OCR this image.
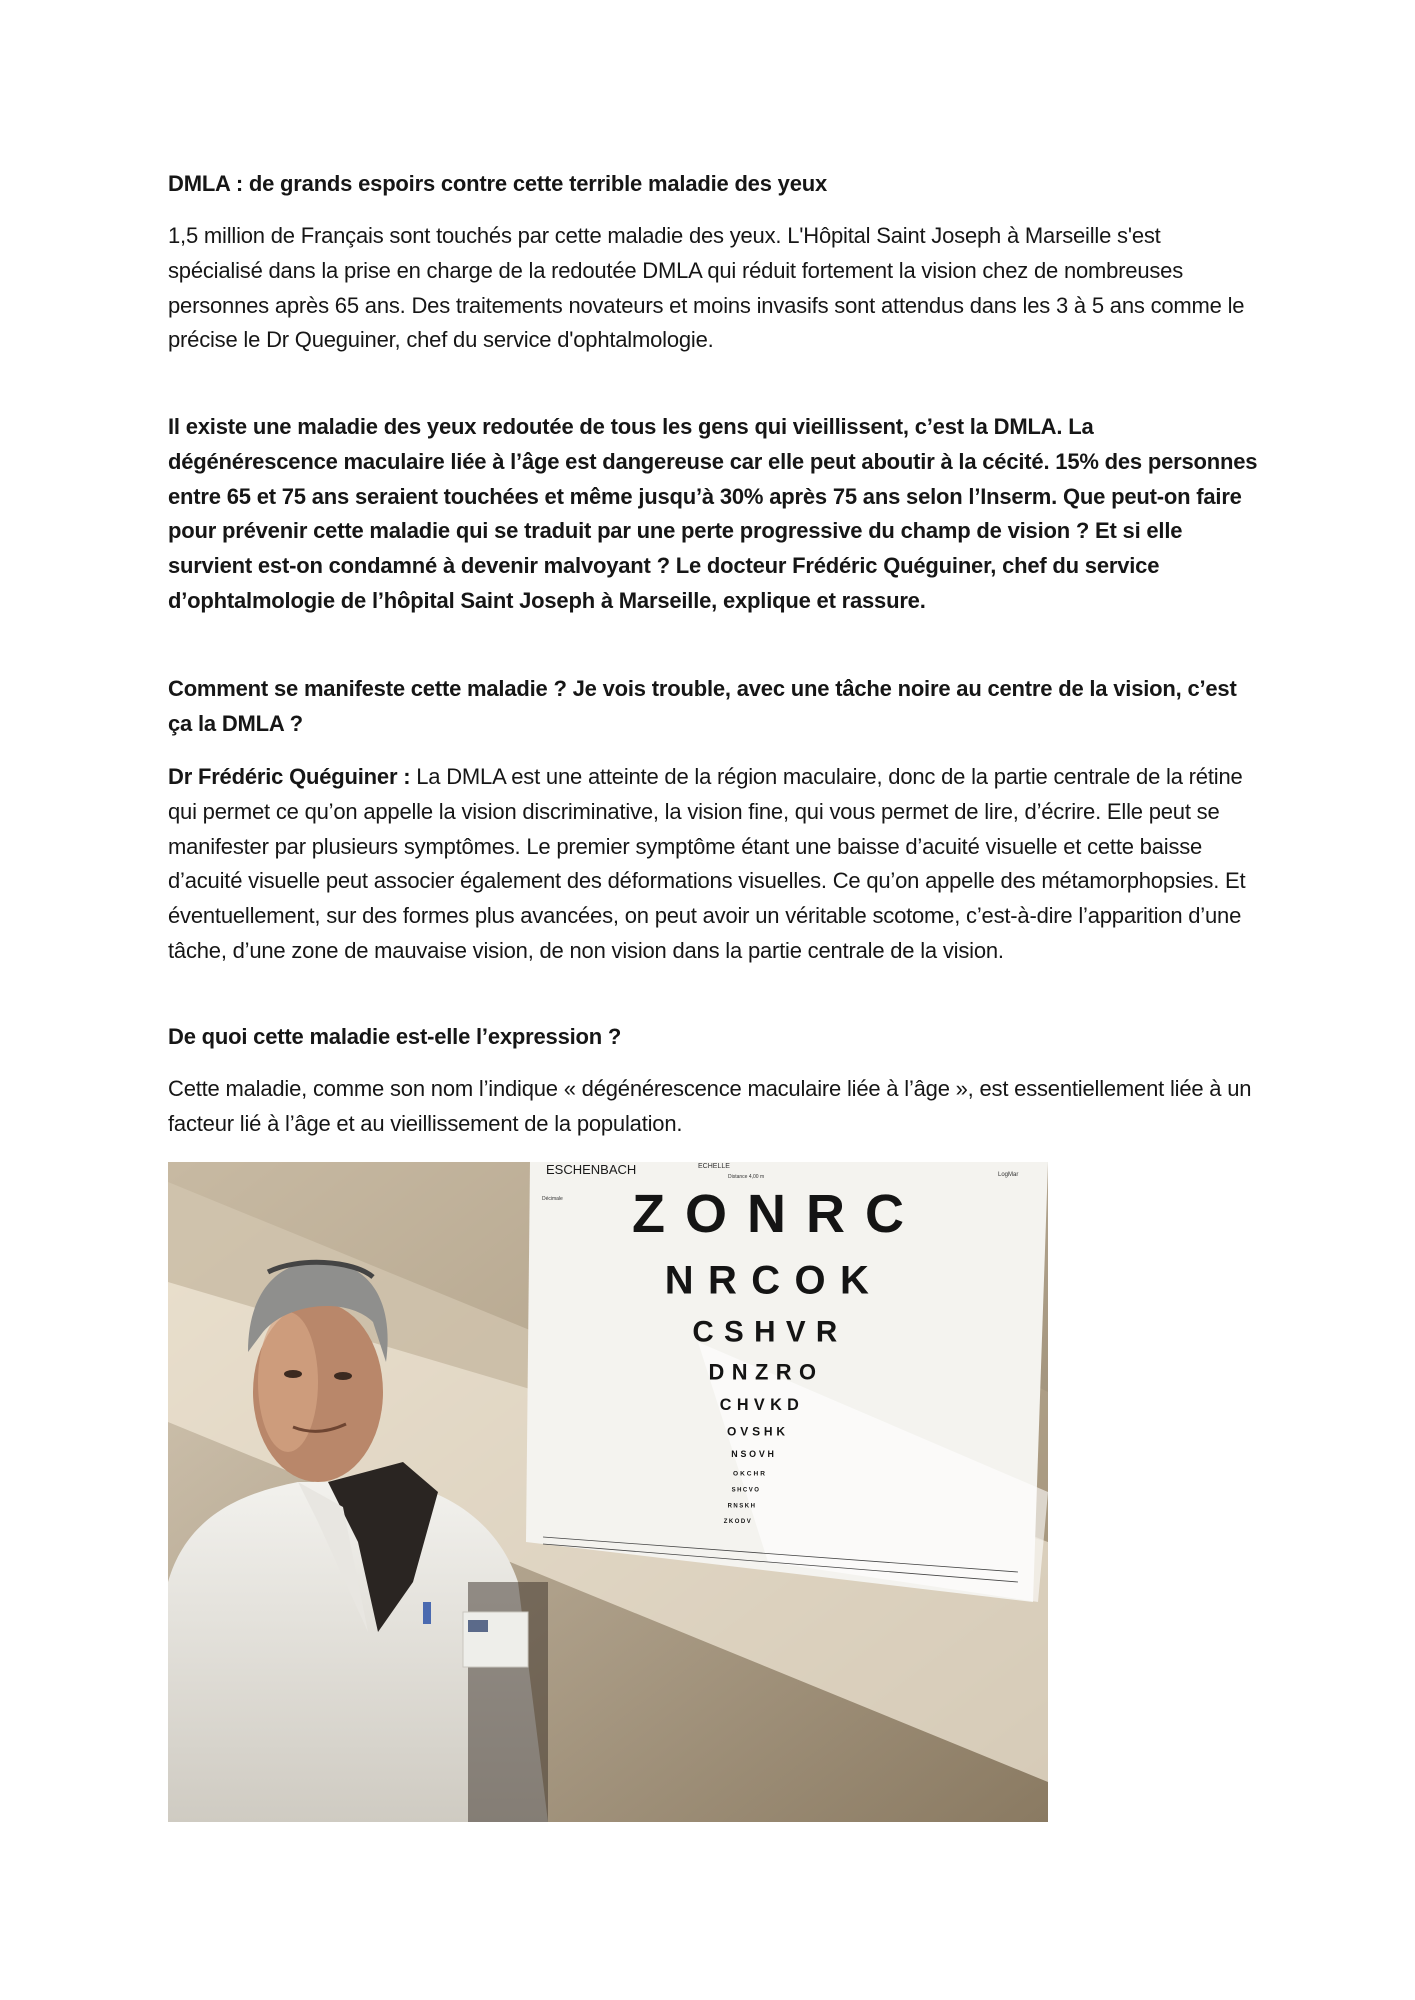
DMLA : de grands espoirs contre cette terrible maladie des yeux
1,5 million de Français sont touchés par cette maladie des yeux. L'Hôpital Saint Joseph à Marseille s'est spécialisé dans la prise en charge de la redoutée DMLA qui réduit fortement la vision chez de nombreuses personnes après 65 ans. Des traitements novateurs et moins invasifs sont attendus dans les 3 à 5 ans comme le précise le Dr Queguiner, chef du service d'ophtalmologie.
Il existe une maladie des yeux redoutée de tous les gens qui vieillissent, c’est la DMLA. La dégénérescence maculaire liée à l’âge est dangereuse car elle peut aboutir à la cécité. 15% des personnes entre 65 et 75 ans seraient touchées et même jusqu’à 30% après 75 ans selon l’Inserm. Que peut-on faire pour prévenir cette maladie qui se traduit par une perte progressive du champ de vision ? Et si elle survient est-on condamné à devenir malvoyant ? Le docteur Frédéric Quéguiner, chef du service d’ophtalmologie de l’hôpital Saint Joseph à Marseille, explique et rassure.
Comment se manifeste cette maladie ? Je vois trouble, avec une tâche noire au centre de la vision, c’est ça la DMLA ?
Dr Frédéric Quéguiner : La DMLA est une atteinte de la région maculaire, donc de la partie centrale de la rétine qui permet ce qu’on appelle la vision discriminative, la vision fine, qui vous permet de lire, d’écrire. Elle peut se manifester par plusieurs symptômes. Le premier symptôme étant une baisse d’acuité visuelle et cette baisse d’acuité visuelle peut associer également des déformations visuelles. Ce qu’on appelle des métamorphopsies. Et éventuellement, sur des formes plus avancées, on peut avoir un véritable scotome, c’est-à-dire l’apparition d’une tâche, d’une zone de mauvaise vision, de non vision dans la partie centrale de la vision.
De quoi cette maladie est-elle l’expression ?
Cette maladie, comme son nom l’indique « dégénérescence maculaire liée à l’âge », est essentiellement liée à un facteur lié à l’âge et au vieillissement de la population.
ESCHENBACH	ECHELLE
Distance 4,00 m	LogMar
Décimale ZONRC
NRCOK
CSHVR
DNZRO
CHVKD
OVSHK
NSOVH
OKCHR
SHCVO
RNSKH
ZKODV
